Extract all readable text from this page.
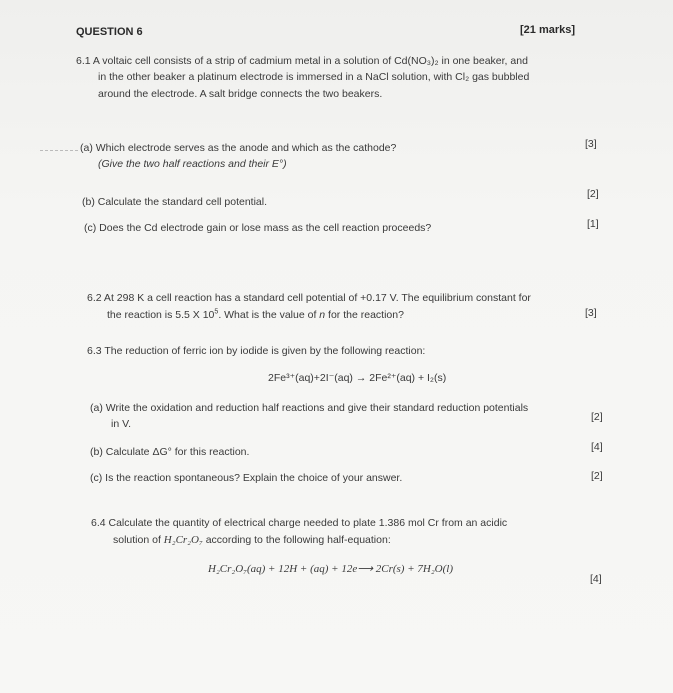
QUESTION 6	[21 marks]
6.1 A voltaic cell consists of a strip of cadmium metal in a solution of Cd(NO₃)₂ in one beaker, and
in the other beaker a platinum electrode is immersed in a NaCl solution, with Cl₂ gas bubbled
around the electrode. A salt bridge connects the two beakers.
(a) Which electrode serves as the anode and which as the cathode?
(Give the two half reactions and their E°)
[3]
(b) Calculate the standard cell potential.
[2]
(c) Does the Cd electrode gain or lose mass as the cell reaction proceeds?	[1]
6.2 At 298 K a cell reaction has a standard cell potential of +0.17 V. The equilibrium constant for
the reaction is 5.5 X $10^5$. What is the value of n for the reaction?	[3]
6.3 The reduction of ferric ion by iodide is given by the following reaction:
2Fe³⁺(aq)+2I⁻(aq) → 2Fe²⁺(aq) + I₂(s)
(a) Write the oxidation and reduction half reactions and give their standard reduction potentials
in V.
[2]
(b) Calculate ΔG° for this reaction.	[4]
(c) Is the reaction spontaneous? Explain the choice of your answer.	[2]
6.4 Calculate the quantity of electrical charge needed to plate 1.386 mol Cr from an acidic
solution of H₂Cr₂O₇ according to the following half-equation:
H₂Cr₂O₇(aq) + 12H + (aq) + 12e⟶ 2Cr(s) + 7H₂O(l)
[4]
